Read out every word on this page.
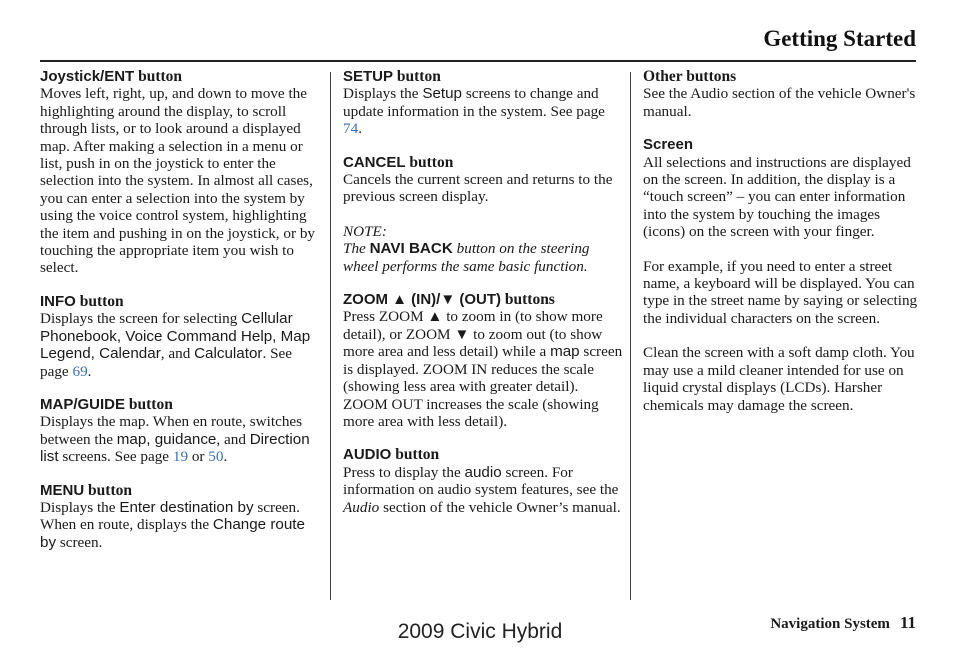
Getting Started
Joystick/ENT button

Moves left, right, up, and down to move the highlighting around the display, to scroll through lists, or to look around a displayed map. After making a selection in a menu or list, push in on the joystick to enter the selection into the system. In almost all cases, you can enter a selection into the system by using the voice control system, highlighting the item and pushing in on the joystick, or by touching the appropriate item you wish to select.

INFO button

Displays the screen for selecting Cellular Phonebook, Voice Command Help, Map Legend, Calendar, and Calculator. See page 69.

MAP/GUIDE button

Displays the map. When en route, switches between the map, guidance, and Direction list screens. See page 19 or 50.

MENU button

Displays the Enter destination by screen. When en route, displays the Change route by screen.

SETUP button

Displays the Setup screens to change and update information in the system. See page 74.

CANCEL button

Cancels the current screen and returns to the previous screen display.

NOTE:

The NAVI BACK button on the steering wheel performs the same basic function.

ZOOM ▲ (IN)/▼ (OUT) buttons

Press ZOOM ▲ to zoom in (to show more detail), or ZOOM ▼ to zoom out (to show more area and less detail) while a map screen is displayed. ZOOM IN reduces the scale (showing less area with greater detail). ZOOM OUT increases the scale (showing more area with less detail).

AUDIO button

Press to display the audio screen. For information on audio system features, see the Audio section of the vehicle Owner’s manual.

Other buttons

See the Audio section of the vehicle Owner's manual.

Screen

All selections and instructions are displayed on the screen. In addition, the display is a “touch screen” – you can enter information into the system by touching the images (icons) on the screen with your finger.

For example, if you need to enter a street name, a keyboard will be displayed. You can type in the street name by saying or selecting the individual characters on the screen.

Clean the screen with a soft damp cloth. You may use a mild cleaner intended for use on liquid crystal displays (LCDs). Harsher chemicals may damage the screen.

Navigation System 11
2009 Civic Hybrid
